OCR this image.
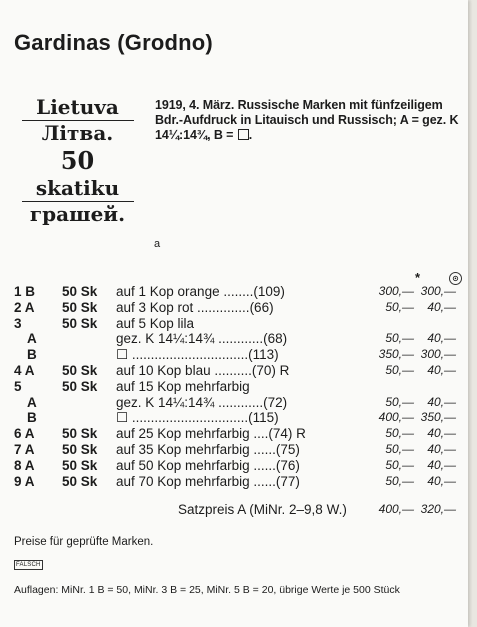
Gardinas (Grodno)
Lietuva
Літва.
50
skatiku
грашей.
1919, 4. März. Russische Marken mit fünfzeiligem Bdr.-Aufdruck in Litauisch und Russisch; A = gez. K 14¼:14¾, B = .
a
*	⊙
1 B 50 Sk auf 1 Kop orange ........(109)	300,— 300,—
2 A 50 Sk auf 3 Kop rot ..............(66)	50,—	40,—
3	50 Sk auf 5 Kop lila
A	gez. K 14¼:14¾ ............(68)	50,—	40,—
B	☐ ...............................(113)	350,— 300,—
4 A 50 Sk auf 10 Kop blau ..........(70) R	50,—	40,—
5	50 Sk auf 15 Kop mehrfarbig
A	gez. K 14¼:14¾ ............(72)	50,—	40,—
B	☐ ...............................(115)	400,— 350,—
6 A 50 Sk auf 25 Kop mehrfarbig ....(74) R	50,—	40,—
7 A 50 Sk auf 35 Kop mehrfarbig ......(75)	50,—	40,—
8 A 50 Sk auf 50 Kop mehrfarbig ......(76)	50,—	40,—
9 A 50 Sk auf 70 Kop mehrfarbig ......(77)	50,—	40,—
Satzpreis A (MiNr. 2–9,8 W.)	400,— 320,—
Preise für geprüfte Marken.
FALSCH
Auflagen: MiNr. 1 B = 50, MiNr. 3 B = 25, MiNr. 5 B = 20, übrige Werte je 500 Stück
